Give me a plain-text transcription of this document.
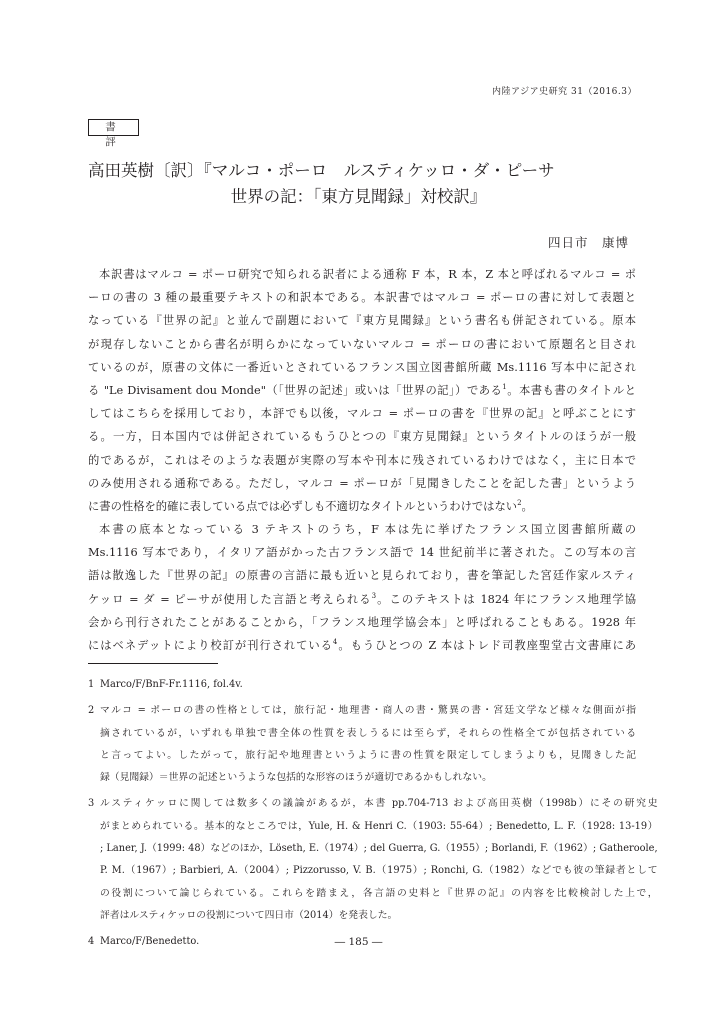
内陸アジア史研究 31（2016.3）
書　評
高田英樹〔訳〕『マルコ・ポーロ　ルスティケッロ・ダ・ピーサ
世界の記：「東方見聞録」対校訳』
四日市　康博
本訳書はマルコ = ポーロ研究で知られる訳者による通称 F 本，R 本，Z 本と呼ばれるマルコ = ポ
ーロの書の 3 種の最重要テキストの和訳本である。本訳書ではマルコ = ポーロの書に対して表題と
なっている『世界の記』と並んで副題において『東方見聞録』という書名も併記されている。原本
が現存しないことから書名が明らかになっていないマルコ = ポーロの書において原題名と目され
ているのが，原書の文体に一番近いとされているフランス国立図書館所蔵 Ms.1116 写本中に記され
る "Le Divisament dou Monde"（「世界の記述」或いは「世界の記」）である$^1$。本書も書のタイトルと
してはこちらを採用しており，本評でも以後，マルコ = ポーロの書を『世界の記』と呼ぶことにす
る。一方，日本国内では併記されているもうひとつの『東方見聞録』というタイトルのほうが一般
的であるが，これはそのような表題が実際の写本や刊本に残されているわけではなく，主に日本で
のみ使用される通称である。ただし，マルコ = ポーロが「見聞きしたことを記した書」というよう
に書の性格を的確に表している点では必ずしも不適切なタイトルというわけではない$^2$。
本書の底本となっている 3 テキストのうち，F 本は先に挙げたフランス国立図書館所蔵の
Ms.1116 写本であり，イタリア語がかった古フランス語で 14 世紀前半に著された。この写本の言
語は散逸した『世界の記』の原書の言語に最も近いと見られており，書を筆記した宮廷作家ルスティ
ケッロ = ダ = ピーサが使用した言語と考えられる$^3$。このテキストは 1824 年にフランス地理学協
会から刊行されたことがあることから，「フランス地理学協会本」と呼ばれることもある。1928 年
にはベネデットにより校訂が刊行されている$^4$。もうひとつの Z 本はトレド司教座聖堂古文書庫にあ
1 Marco/F/BnF-Fr.1116, fol.4v.
2 マルコ = ポーロの書の性格としては，旅行記・地理書・商人の書・驚異の書・宮廷文学など様々な側面が指
摘されているが，いずれも単独で書全体の性質を表しうるには至らず，それらの性格全てが包括されている
と言ってよい。したがって，旅行記や地理書というように書の性質を限定してしまうよりも，見聞きした記
録（見聞録）＝世界の記述というような包括的な形容のほうが適切であるかもしれない。
3 ルスティケッロに関しては数多くの議論があるが，本書 pp.704-713 および高田英樹（1998b）にその研究史
がまとめられている。基本的なところでは，Yule, H. & Henri C.（1903: 55-64）; Benedetto, L. F.（1928: 13-19）
; Laner, J.（1999: 48）などのほか，Löseth, E.（1974）; del Guerra, G.（1955）; Borlandi, F.（1962）; Gatheroole,
P. M.（1967）; Barbieri, A.（2004）; Pizzorusso, V. B.（1975）; Ronchi, G.（1982）などでも彼の筆録者として
の役割について論じられている。これらを踏まえ，各言語の史料と『世界の記』の内容を比較検討した上で，
評者はルスティケッロの役割について四日市（2014）を発表した。
4 Marco/F/Benedetto.	― 185 ―
